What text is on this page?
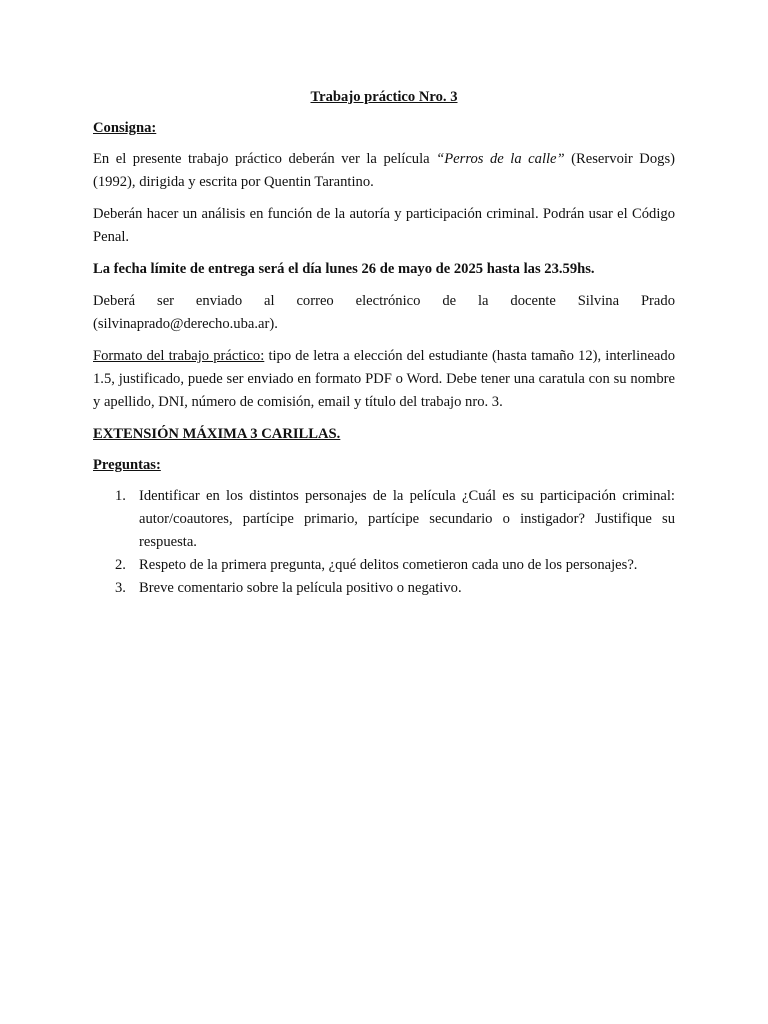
Trabajo práctico Nro. 3
Consigna:

En el presente trabajo práctico deberán ver la película “Perros de la calle” (Reservoir Dogs) (1992), dirigida y escrita por Quentin Tarantino.

Deberán hacer un análisis en función de la autoría y participación criminal. Podrán usar el Código Penal.

La fecha límite de entrega será el día lunes 26 de mayo de 2025 hasta las 23.59hs.

Deberá ser enviado al correo electrónico de la docente Silvina Prado (silvinaprado@derecho.uba.ar).

Formato del trabajo práctico: tipo de letra a elección del estudiante (hasta tamaño 12), interlineado 1.5, justificado, puede ser enviado en formato PDF o Word. Debe tener una caratula con su nombre y apellido, DNI, número de comisión, email y título del trabajo nro. 3.

EXTENSIÓN MÁXIMA 3 CARILLAS.
Preguntas:
1. Identificar en los distintos personajes de la película ¿Cuál es su participación criminal: autor/coautores, partícipe primario, partícipe secundario o instigador? Justifique su respuesta.
2. Respeto de la primera pregunta, ¿qué delitos cometieron cada uno de los personajes?.
3. Breve comentario sobre la película positivo o negativo.
